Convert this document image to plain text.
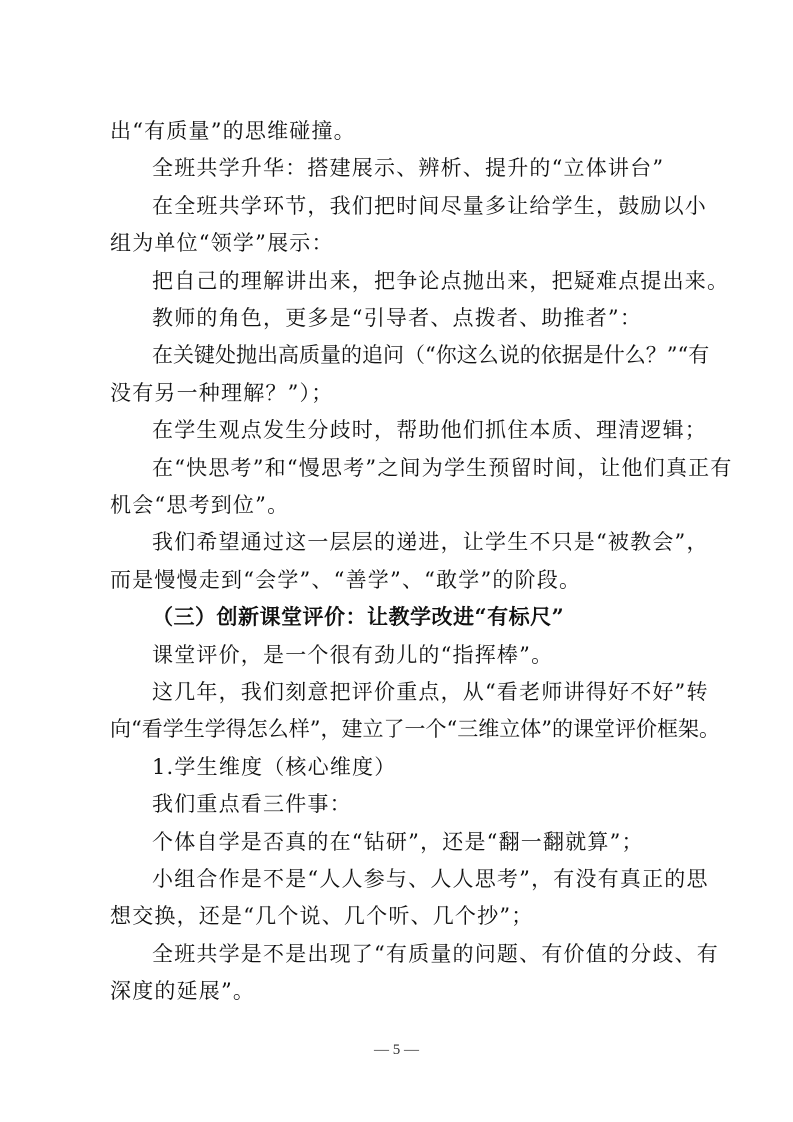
出“有质量”的思维碰撞。
全班共学升华：搭建展示、辨析、提升的“立体讲台”
在全班共学环节，我们把时间尽量多让给学生，鼓励以小
组为单位“领学”展示：
把自己的理解讲出来，把争论点抛出来，把疑难点提出来。
教师的角色，更多是“引导者、点拨者、助推者”：
在关键处抛出高质量的追问（“你这么说的依据是什么？”“有
没有另一种理解？”）；
在学生观点发生分歧时，帮助他们抓住本质、理清逻辑；
在“快思考”和“慢思考”之间为学生预留时间，让他们真正有
机会“思考到位”。
我们希望通过这一层层的递进，让学生不只是“被教会”，
而是慢慢走到“会学”、“善学”、“敢学”的阶段。
（三）创新课堂评价：让教学改进“有标尺”
课堂评价，是一个很有劲儿的“指挥棒”。
这几年，我们刻意把评价重点，从“看老师讲得好不好”转
向“看学生学得怎么样”，建立了一个“三维立体”的课堂评价框架。
1.学生维度（核心维度）
我们重点看三件事：
个体自学是否真的在“钻研”，还是“翻一翻就算”；
小组合作是不是“人人参与、人人思考”，有没有真正的思
想交换，还是“几个说、几个听、几个抄”；
全班共学是不是出现了“有质量的问题、有价值的分歧、有
深度的延展”。
— 5 —
